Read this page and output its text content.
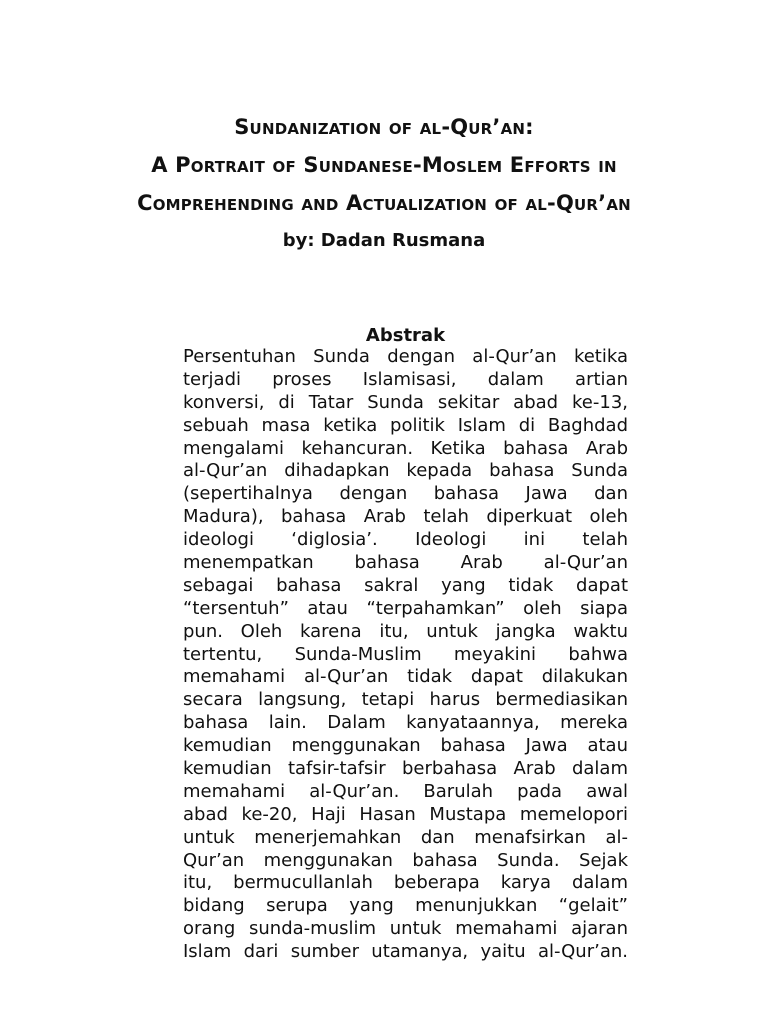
Sundanization of al-Qur’an:
A Portrait of Sundanese-Moslem Efforts in
Comprehending and Actualization of al-Qur’an
by: Dadan Rusmana
Abstrak
Persentuhan Sunda dengan al-Qur’an ketika
terjadi proses Islamisasi, dalam artian
konversi, di Tatar Sunda sekitar abad ke-13,
sebuah masa ketika politik Islam di Baghdad
mengalami kehancuran. Ketika bahasa Arab
al-Qur’an dihadapkan kepada bahasa Sunda
(sepertihalnya dengan bahasa Jawa dan
Madura), bahasa Arab telah diperkuat oleh
ideologi ‘diglosia’. Ideologi ini telah
menempatkan bahasa Arab al-Qur’an
sebagai bahasa sakral yang tidak dapat
“tersentuh” atau “terpahamkan” oleh siapa
pun. Oleh karena itu, untuk jangka waktu
tertentu, Sunda-Muslim meyakini bahwa
memahami al-Qur’an tidak dapat dilakukan
secara langsung, tetapi harus bermediasikan
bahasa lain. Dalam kanyataannya, mereka
kemudian menggunakan bahasa Jawa atau
kemudian tafsir-tafsir berbahasa Arab dalam
memahami al-Qur’an. Barulah pada awal
abad ke-20, Haji Hasan Mustapa memelopori
untuk menerjemahkan dan menafsirkan al-
Qur’an menggunakan bahasa Sunda. Sejak
itu, bermucullanlah beberapa karya dalam
bidang serupa yang menunjukkan “gelait”
orang sunda-muslim untuk memahami ajaran
Islam dari sumber utamanya, yaitu al-Qur’an.
